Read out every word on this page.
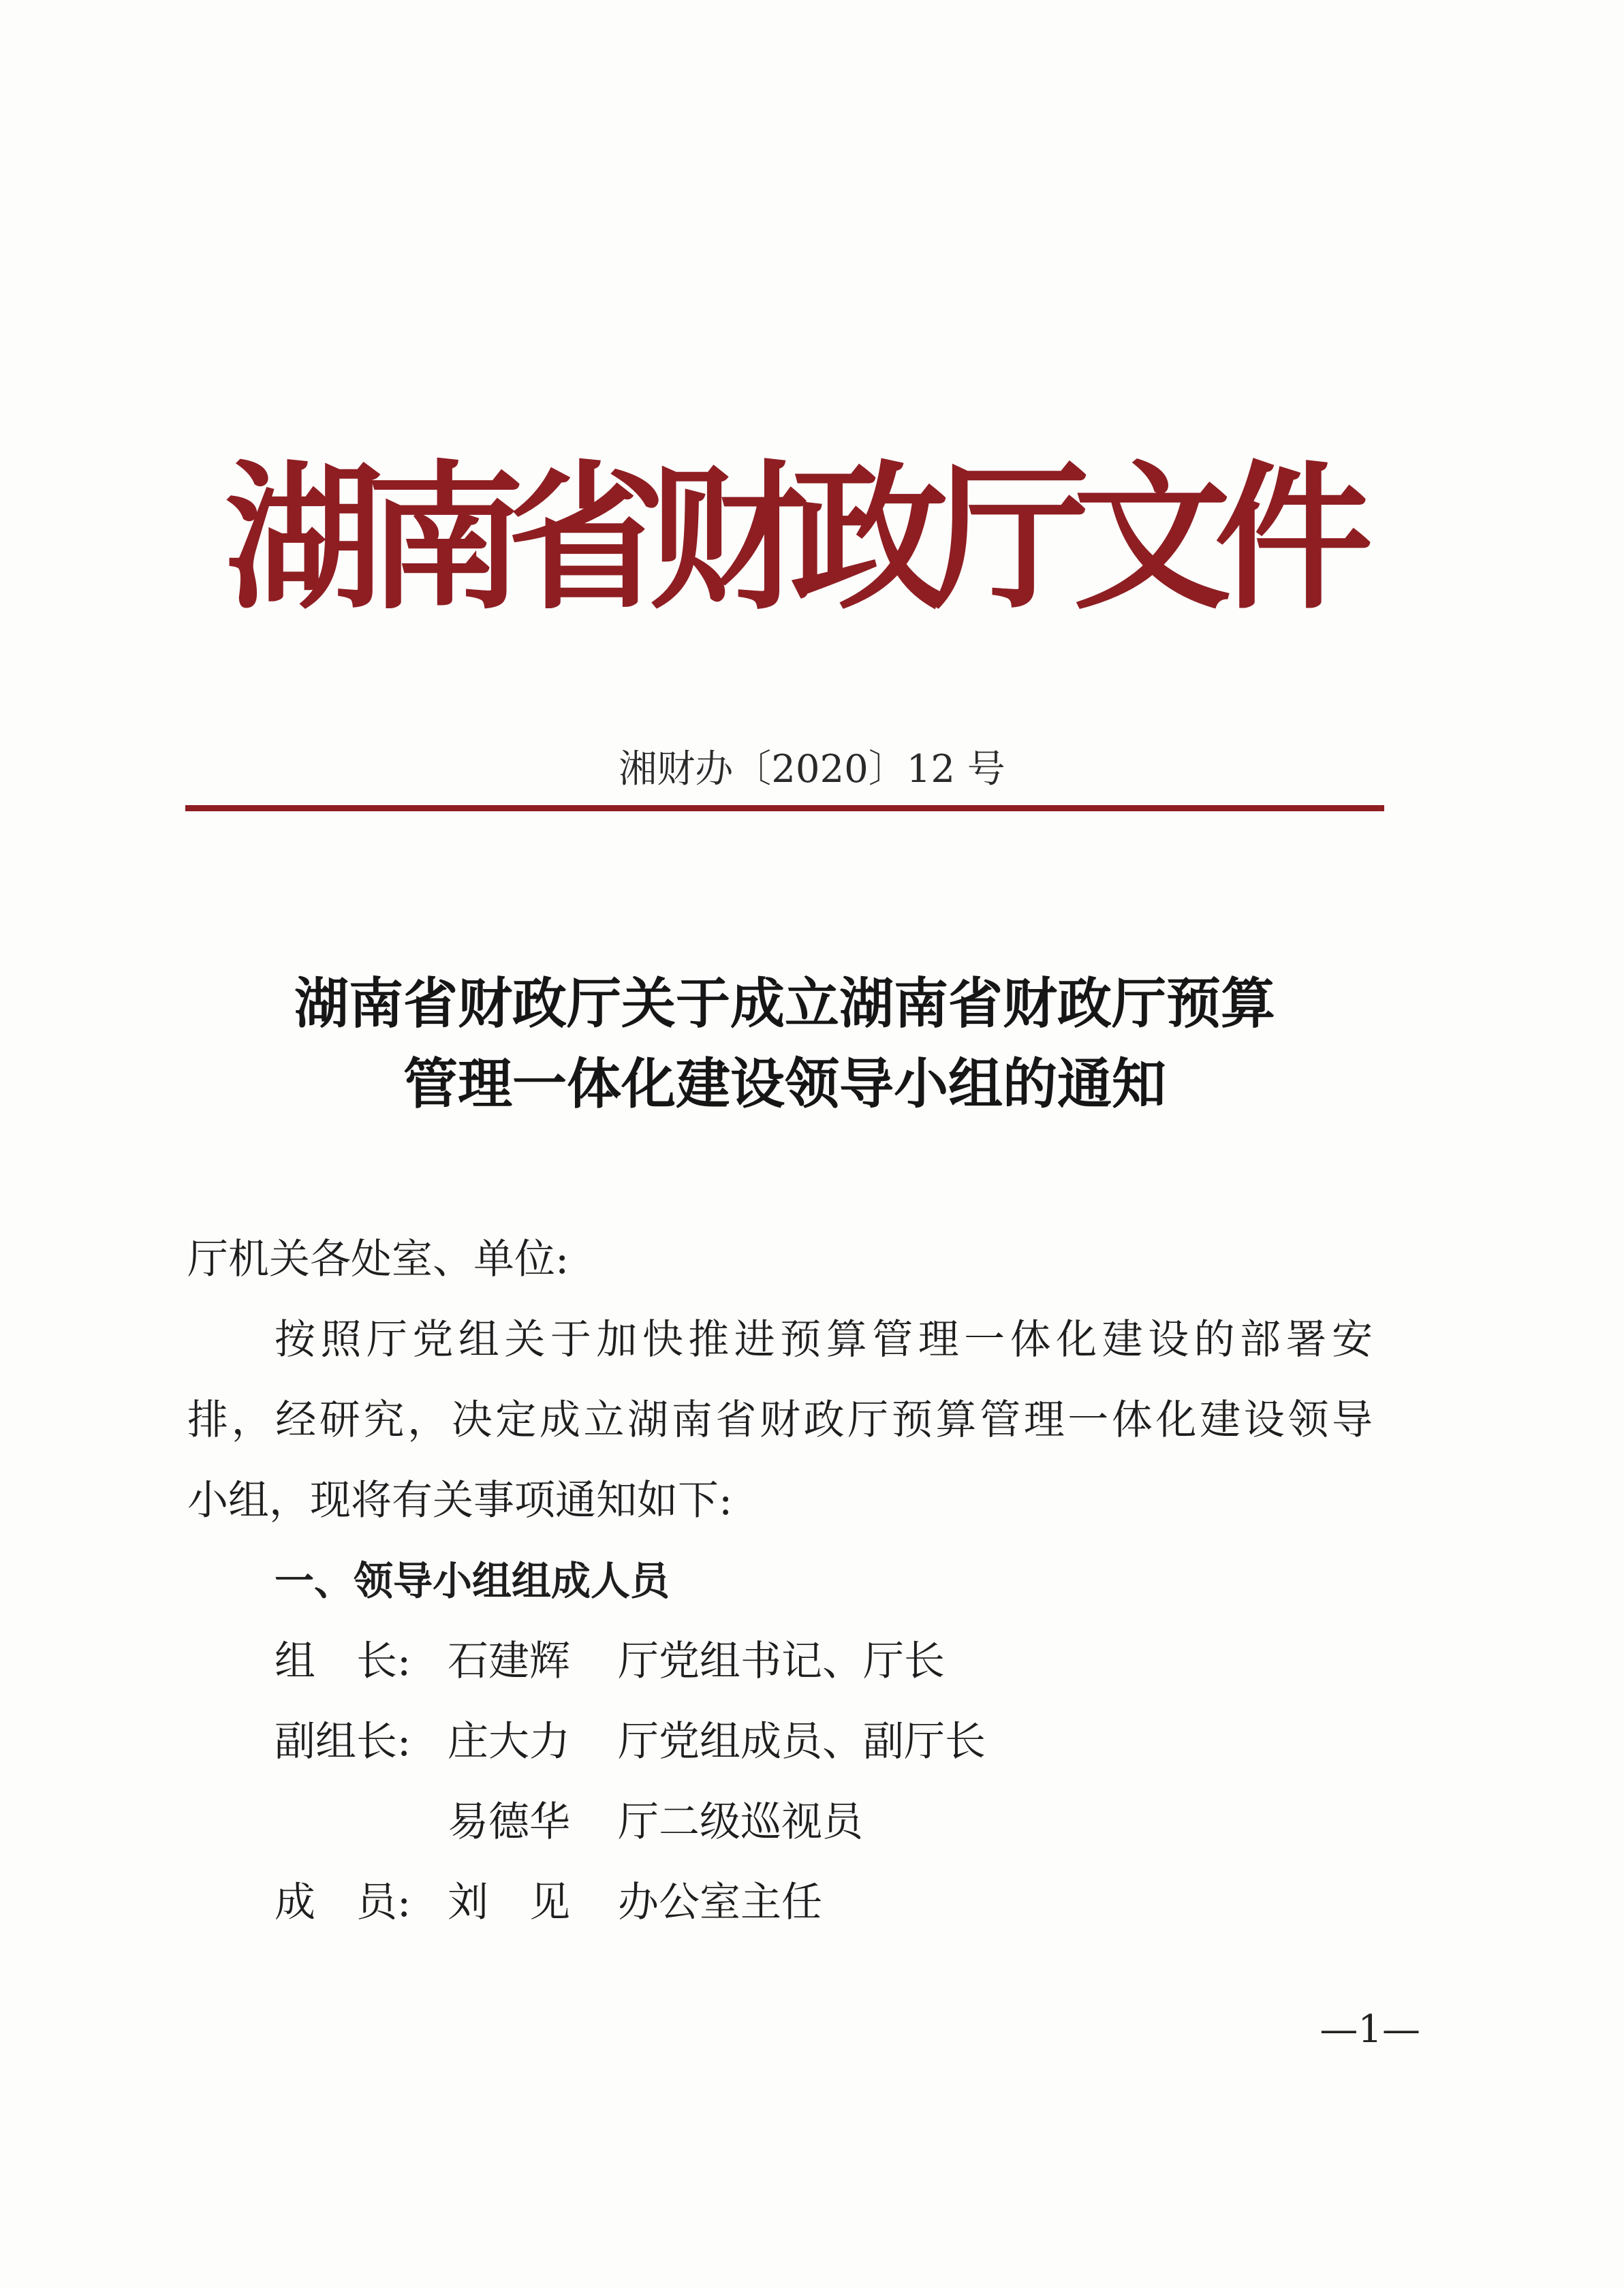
湖
南
省
财
政
厅
文
件
湘财办〔2020〕12 号
湖南省财政厅关于成立湖南省财政厅预算
管理一体化建设领导小组的通知
厅机关各处室、单位:
按照厅党组关于加快推进预算管理一体化建设的部署安
排，经研究，决定成立湖南省财政厅预算管理一体化建设领导
小组，现将有关事项通知如下:
一、领导小组组成人员
组　长: 石建辉 厅党组书记、厅长
副组长: 庄大力 厅党组成员、副厅长
易德华 厅二级巡视员
成　员: 刘　见 办公室主任
—1—
